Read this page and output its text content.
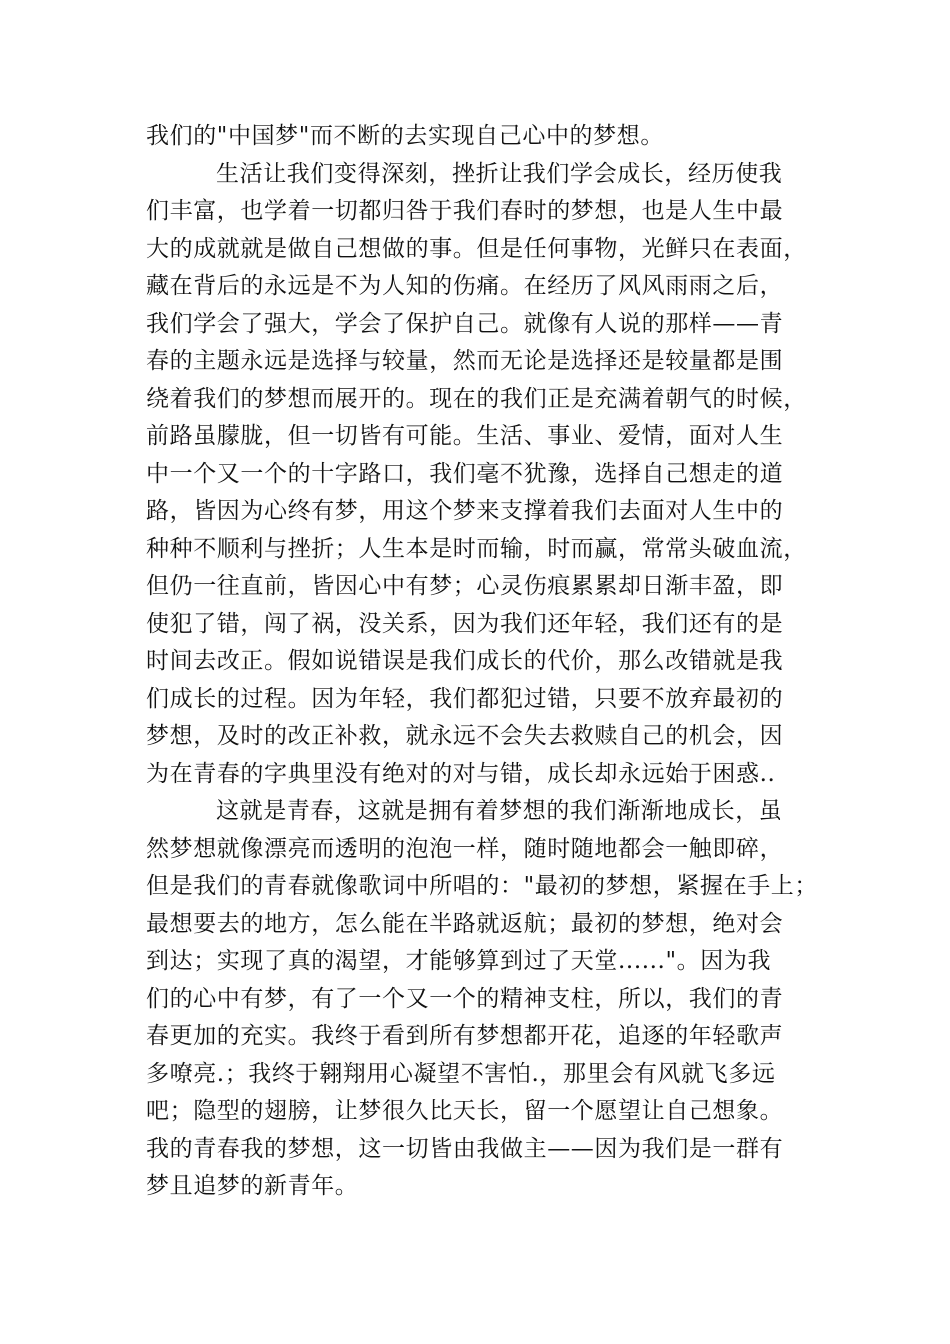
我们的"中国梦"而不断的去实现自己心中的梦想。
生活让我们变得深刻，挫折让我们学会成长，经历使我
们丰富，也学着一切都归咎于我们春时的梦想，也是人生中最
大的成就就是做自己想做的事。但是任何事物，光鲜只在表面，
藏在背后的永远是不为人知的伤痛。在经历了风风雨雨之后，
我们学会了强大，学会了保护自己。就像有人说的那样——青
春的主题永远是选择与较量，然而无论是选择还是较量都是围
绕着我们的梦想而展开的。现在的我们正是充满着朝气的时候，
前路虽朦胧，但一切皆有可能。生活、事业、爱情，面对人生
中一个又一个的十字路口，我们毫不犹豫，选择自己想走的道
路，皆因为心终有梦，用这个梦来支撑着我们去面对人生中的
种种不顺利与挫折；人生本是时而输，时而赢，常常头破血流，
但仍一往直前，皆因心中有梦；心灵伤痕累累却日渐丰盈，即
使犯了错，闯了祸，没关系，因为我们还年轻，我们还有的是
时间去改正。假如说错误是我们成长的代价，那么改错就是我
们成长的过程。因为年轻，我们都犯过错，只要不放弃最初的
梦想，及时的改正补救，就永远不会失去救赎自己的机会，因
为在青春的字典里没有绝对的对与错，成长却永远始于困惑..
这就是青春，这就是拥有着梦想的我们渐渐地成长，虽
然梦想就像漂亮而透明的泡泡一样，随时随地都会一触即碎，
但是我们的青春就像歌词中所唱的："最初的梦想，紧握在手上；
最想要去的地方，怎么能在半路就返航；最初的梦想，绝对会
到达；实现了真的渴望，才能够算到过了天堂......"。因为我
们的心中有梦，有了一个又一个的精神支柱，所以，我们的青
春更加的充实。我终于看到所有梦想都开花，追逐的年轻歌声
多嘹亮.；我终于翱翔用心凝望不害怕.，那里会有风就飞多远
吧；隐型的翅膀，让梦很久比天长，留一个愿望让自己想象。
我的青春我的梦想，这一切皆由我做主——因为我们是一群有
梦且追梦的新青年。
